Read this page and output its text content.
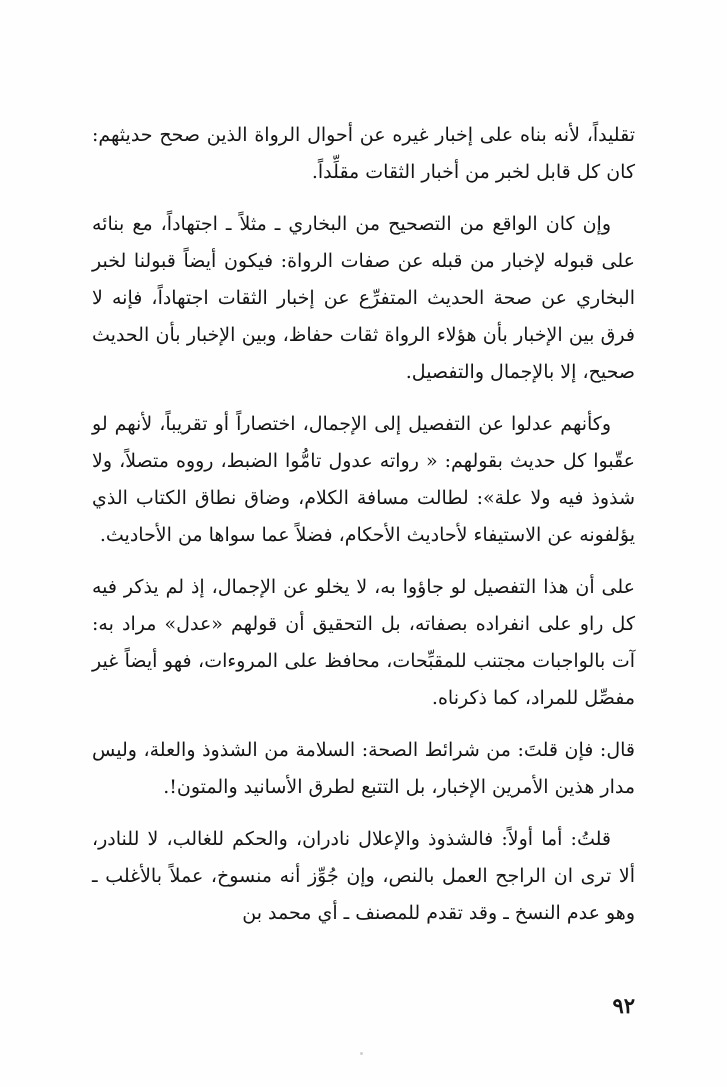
تقليداً، لأنه بناه على إخبار غيره عن أحوال الرواة الذين صحح حديثهم: كان كل قابل لخبر من أخبار الثقات مقلِّداً.

وإن كان الواقع من التصحيح من البخاري ـ مثلاً ـ اجتهاداً، مع بنائه على قبوله لإخبار من قبله عن صفات الرواة: فيكون أيضاً قبولنا لخبر البخاري عن صحة الحديث المتفرِّع عن إخبار الثقات اجتهاداً، فإنه لا فرق بين الإخبار بأن هؤلاء الرواة ثقات حفاظ، وبين الإخبار بأن الحديث صحيح، إلا بالإجمال والتفصيل.

وكأنهم عدلوا عن التفصيل إلى الإجمال، اختصاراً أو تقريباً، لأنهم لو عقّبوا كل حديث بقولهم: « رواته عدول تامُّوا الضبط، رووه متصلاً، ولا شذوذ فيه ولا علة»: لطالت مسافة الكلام، وضاق نطاق الكتاب الذي يؤلفونه عن الاستيفاء لأحاديث الأحكام، فضلاً عما سواها من الأحاديث.

على أن هذا التفصيل لو جاؤوا به، لا يخلو عن الإجمال، إذ لم يذكر فيه كل راو على انفراده بصفاته، بل التحقيق أن قولهم «عدل» مراد به: آت بالواجبات مجتنب للمقبِّحات، محافظ على المروءات، فهو أيضاً غير مفصِّل للمراد، كما ذكرناه.

قال: فإن قلتَ: من شرائط الصحة: السلامة من الشذوذ والعلة، وليس مدار هذين الأمرين الإخبار، بل التتبع لطرق الأسانيد والمتون!.

قلتُ: أما أولاً: فالشذوذ والإعلال نادران، والحكم للغالب، لا للنادر، ألا ترى ان الراجح العمل بالنص، وإن جُوِّز أنه منسوخ، عملاً بالأغلب ـ وهو عدم النسخ ـ وقد تقدم للمصنف ـ أي محمد بن

٩٢
